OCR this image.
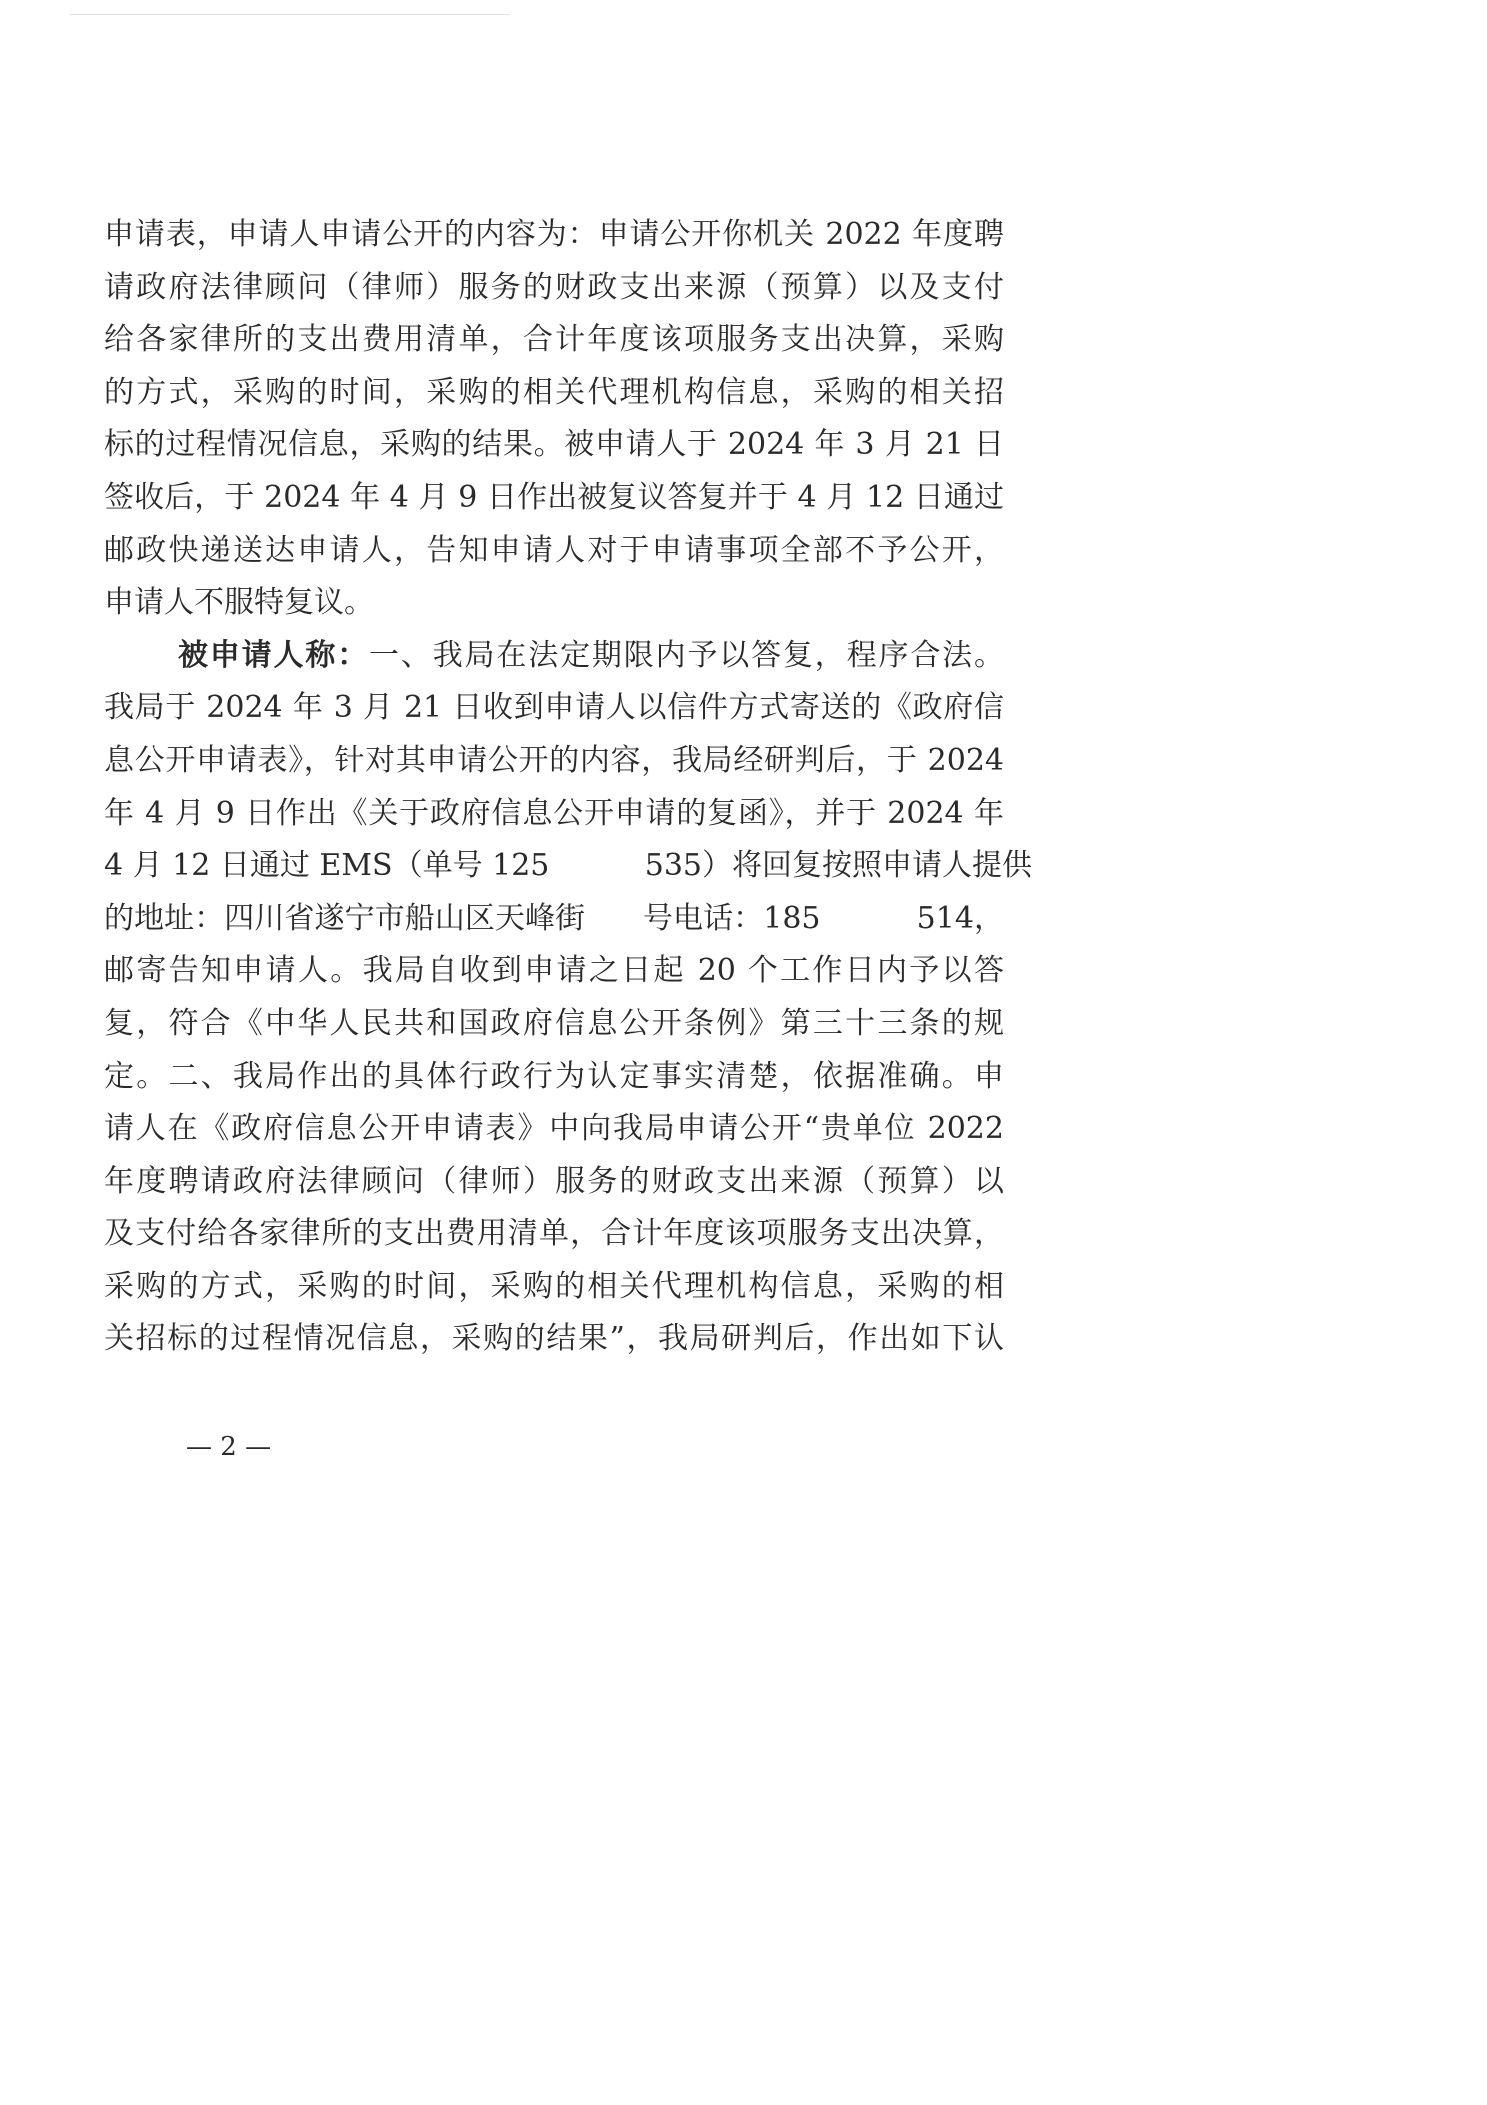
申请表，申请人申请公开的内容为：申请公开你机关 2022 年度聘
请政府法律顾问（律师）服务的财政支出来源（预算）以及支付
给各家律所的支出费用清单，合计年度该项服务支出决算，采购
的方式，采购的时间，采购的相关代理机构信息，采购的相关招
标的过程情况信息，采购的结果。被申请人于 2024 年 3 月 21 日
签收后，于 2024 年 4 月 9 日作出被复议答复并于 4 月 12 日通过
邮政快递送达申请人，告知申请人对于申请事项全部不予公开，
申请人不服特复议。
被申请人称：一、我局在法定期限内予以答复，程序合法。
我局于 2024 年 3 月 21 日收到申请人以信件方式寄送的《政府信
息公开申请表》，针对其申请公开的内容，我局经研判后，于 2024
年 4 月 9 日作出《关于政府信息公开申请的复函》，并于 2024 年
4 月 12 日通过 EMS（单号 125          535）将回复按照申请人提供
的地址：四川省遂宁市船山区天峰街      号电话：185          514，
邮寄告知申请人。我局自收到申请之日起 20 个工作日内予以答
复，符合《中华人民共和国政府信息公开条例》第三十三条的规
定。二、我局作出的具体行政行为认定事实清楚，依据准确。申
请人在《政府信息公开申请表》中向我局申请公开“贵单位 2022
年度聘请政府法律顾问（律师）服务的财政支出来源（预算）以
及支付给各家律所的支出费用清单，合计年度该项服务支出决算，
采购的方式，采购的时间，采购的相关代理机构信息，采购的相
关招标的过程情况信息，采购的结果”，我局研判后，作出如下认
— 2 —
